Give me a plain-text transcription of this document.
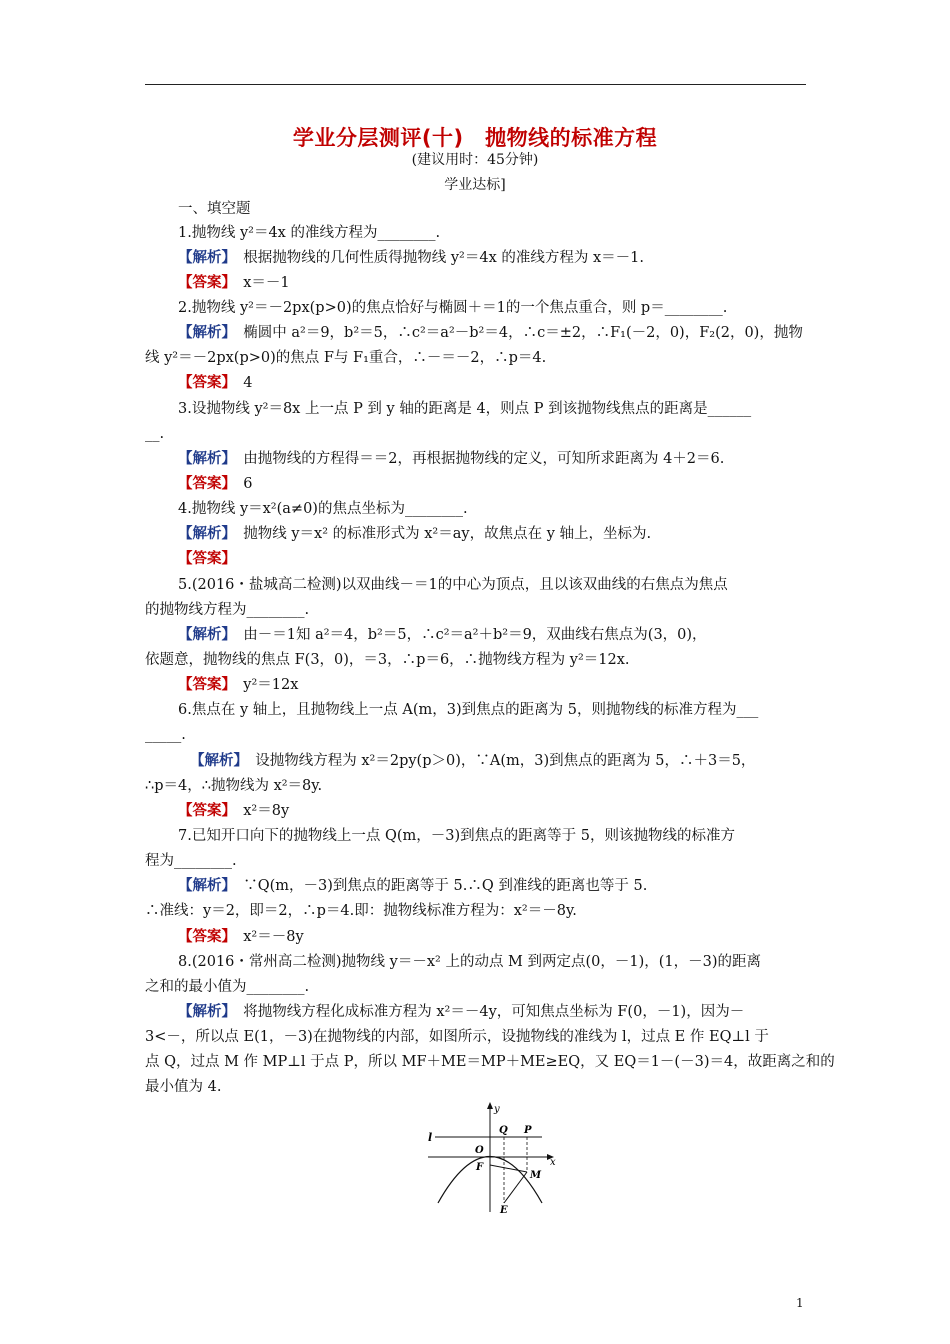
学业分层测评(十)　抛物线的标准方程
(建议用时：45分钟)
学业达标]
一、填空题
1.抛物线 y²＝4x 的准线方程为________.
【解析】　 根据抛物线的几何性质得抛物线 y²＝4x 的准线方程为 x＝－1.
【答案】　 x＝－1
2.抛物线 y²＝－2px(p>0)的焦点恰好与椭圆＋＝1的一个焦点重合，则 p＝________.
【解析】　 椭圆中 a²＝9，b²＝5，∴c²＝a²－b²＝4，∴c＝±2，∴F₁(－2，0)，F₂(2，0)，抛物
线 y²＝－2px(p>0)的焦点 F与 F₁重合，∴－＝－2，∴p＝4.
【答案】　 4
3.设抛物线 y²＝8x 上一点 P 到 y 轴的距离是 4，则点 P 到该抛物线焦点的距离是______
__.
【解析】　 由抛物线的方程得＝＝2，再根据抛物线的定义，可知所求距离为 4＋2＝6.
【答案】　 6
4.抛物线 y＝x²(a≠0)的焦点坐标为________.
【解析】　 抛物线 y＝x² 的标准形式为 x²＝ay，故焦点在 y 轴上，坐标为.
【答案】
5.(2016・盐城高二检测)以双曲线－＝1的中心为顶点，且以该双曲线的右焦点为焦点
的抛物线方程为________.
【解析】　 由－＝1知 a²＝4，b²＝5，∴c²＝a²＋b²＝9，双曲线右焦点为(3，0)，
依题意，抛物线的焦点 F(3，0)，＝3，∴p＝6，∴抛物线方程为 y²＝12x.
【答案】　 y²＝12x
6.焦点在 y 轴上，且抛物线上一点 A(m，3)到焦点的距离为 5，则抛物线的标准方程为___
_____.
【解析】　 设抛物线方程为 x²＝2py(p＞0)，∵A(m，3)到焦点的距离为 5，∴＋3＝5，
∴p＝4，∴抛物线为 x²＝8y.
【答案】　 x²＝8y
7.已知开口向下的抛物线上一点 Q(m，－3)到焦点的距离等于 5，则该抛物线的标准方
程为________.
【解析】　 ∵Q(m，－3)到焦点的距离等于 5.∴Q 到准线的距离也等于 5.
∴准线：y＝2，即＝2，∴p＝4.即：抛物线标准方程为：x²＝－8y.
【答案】　 x²＝－8y
8.(2016・常州高二检测)抛物线 y＝－x² 上的动点 M 到两定点(0，－1)，(1，－3)的距离
之和的最小值为________.
【解析】　 将抛物线方程化成标准方程为 x²＝－4y，可知焦点坐标为 F(0，－1)，因为－
3<－，所以点 E(1，－3)在抛物线的内部，如图所示，设抛物线的准线为 l，过点 E 作 EQ⊥l 于
点 Q，过点 M 作 MP⊥l 于点 P，所以 MF＋ME＝MP＋ME≥EQ，又 EQ＝1－(－3)＝4，故距离之和的
最小值为 4.
y
x
l
O
Q P
F
M
E
1
